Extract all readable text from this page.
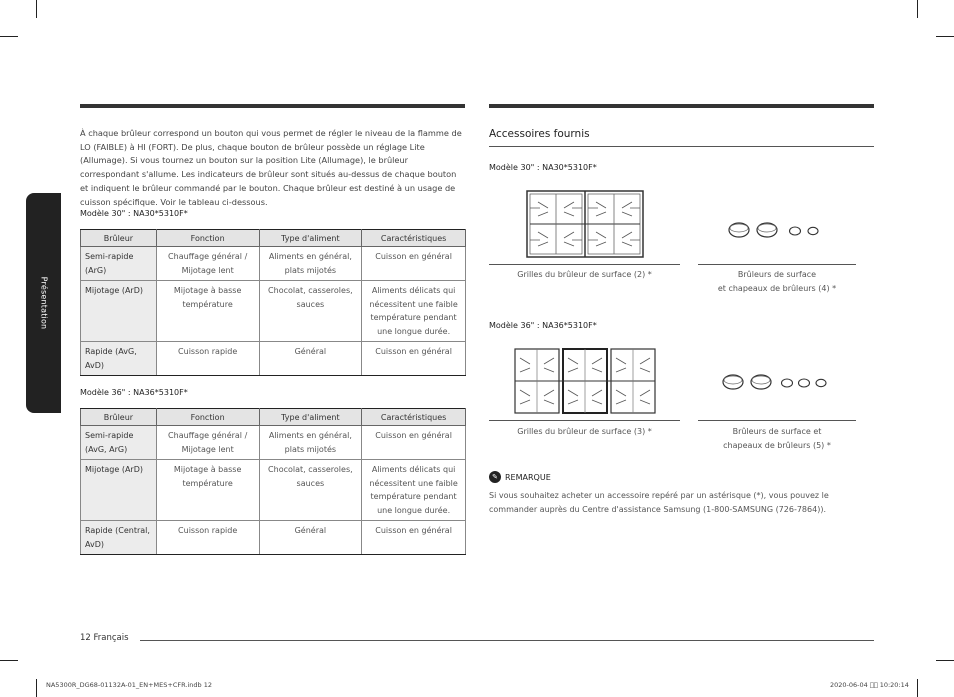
Présentation

À chaque brûleur correspond un bouton qui vous permet de régler le niveau de la flamme de LO (FAIBLE) à HI (FORT). De plus, chaque bouton de brûleur possède un réglage Lite (Allumage). Si vous tournez un bouton sur la position Lite (Allumage), le brûleur correspondant s'allume. Les indicateurs de brûleur sont situés au-dessus de chaque bouton et indiquent le brûleur commandé par le bouton. Chaque brûleur est destiné à un usage de cuisson spécifique. Voir le tableau ci-dessous.

Modèle 30" : NA30*5310F*
Brûleur	Fonction	Type d'aliment	Caractéristiques
Semi-rapide (ArG)	Chauffage général / Mijotage lent	Aliments en général, plats mijotés	Cuisson en général
Mijotage (ArD)	Mijotage à basse température	Chocolat, casseroles, sauces	Aliments délicats qui nécessitent une faible température pendant une longue durée.
Rapide (AvG, AvD)	Cuisson rapide	Général	Cuisson en général
Modèle 36" : NA36*5310F*
Brûleur	Fonction	Type d'aliment	Caractéristiques
Semi-rapide (AvG, ArG)	Chauffage général / Mijotage lent	Aliments en général, plats mijotés	Cuisson en général
Mijotage (ArD)	Mijotage à basse température	Chocolat, casseroles, sauces	Aliments délicats qui nécessitent une faible température pendant une longue durée.
Rapide (Central, AvD)	Cuisson rapide	Général	Cuisson en général
Accessoires fournis
Modèle 30" : NA30*5310F*
Grilles du brûleur de surface (2) *	Brûleurs de surface
et chapeaux de brûleurs (4) *
Modèle 36" : NA36*5310F*
Grilles du brûleur de surface (3) *	Brûleurs de surface et
chapeaux de brûleurs (5) *
✎ REMARQUE

Si vous souhaitez acheter un accessoire repéré par un astérisque (*), vous pouvez le commander auprès du Centre d'assistance Samsung (1-800-SAMSUNG (726-7864)).

12 Français
NA5300R_DG68-01132A-01_EN+MES+CFR.indb 12	2020-06-04 ￿￿ 10:20:14
